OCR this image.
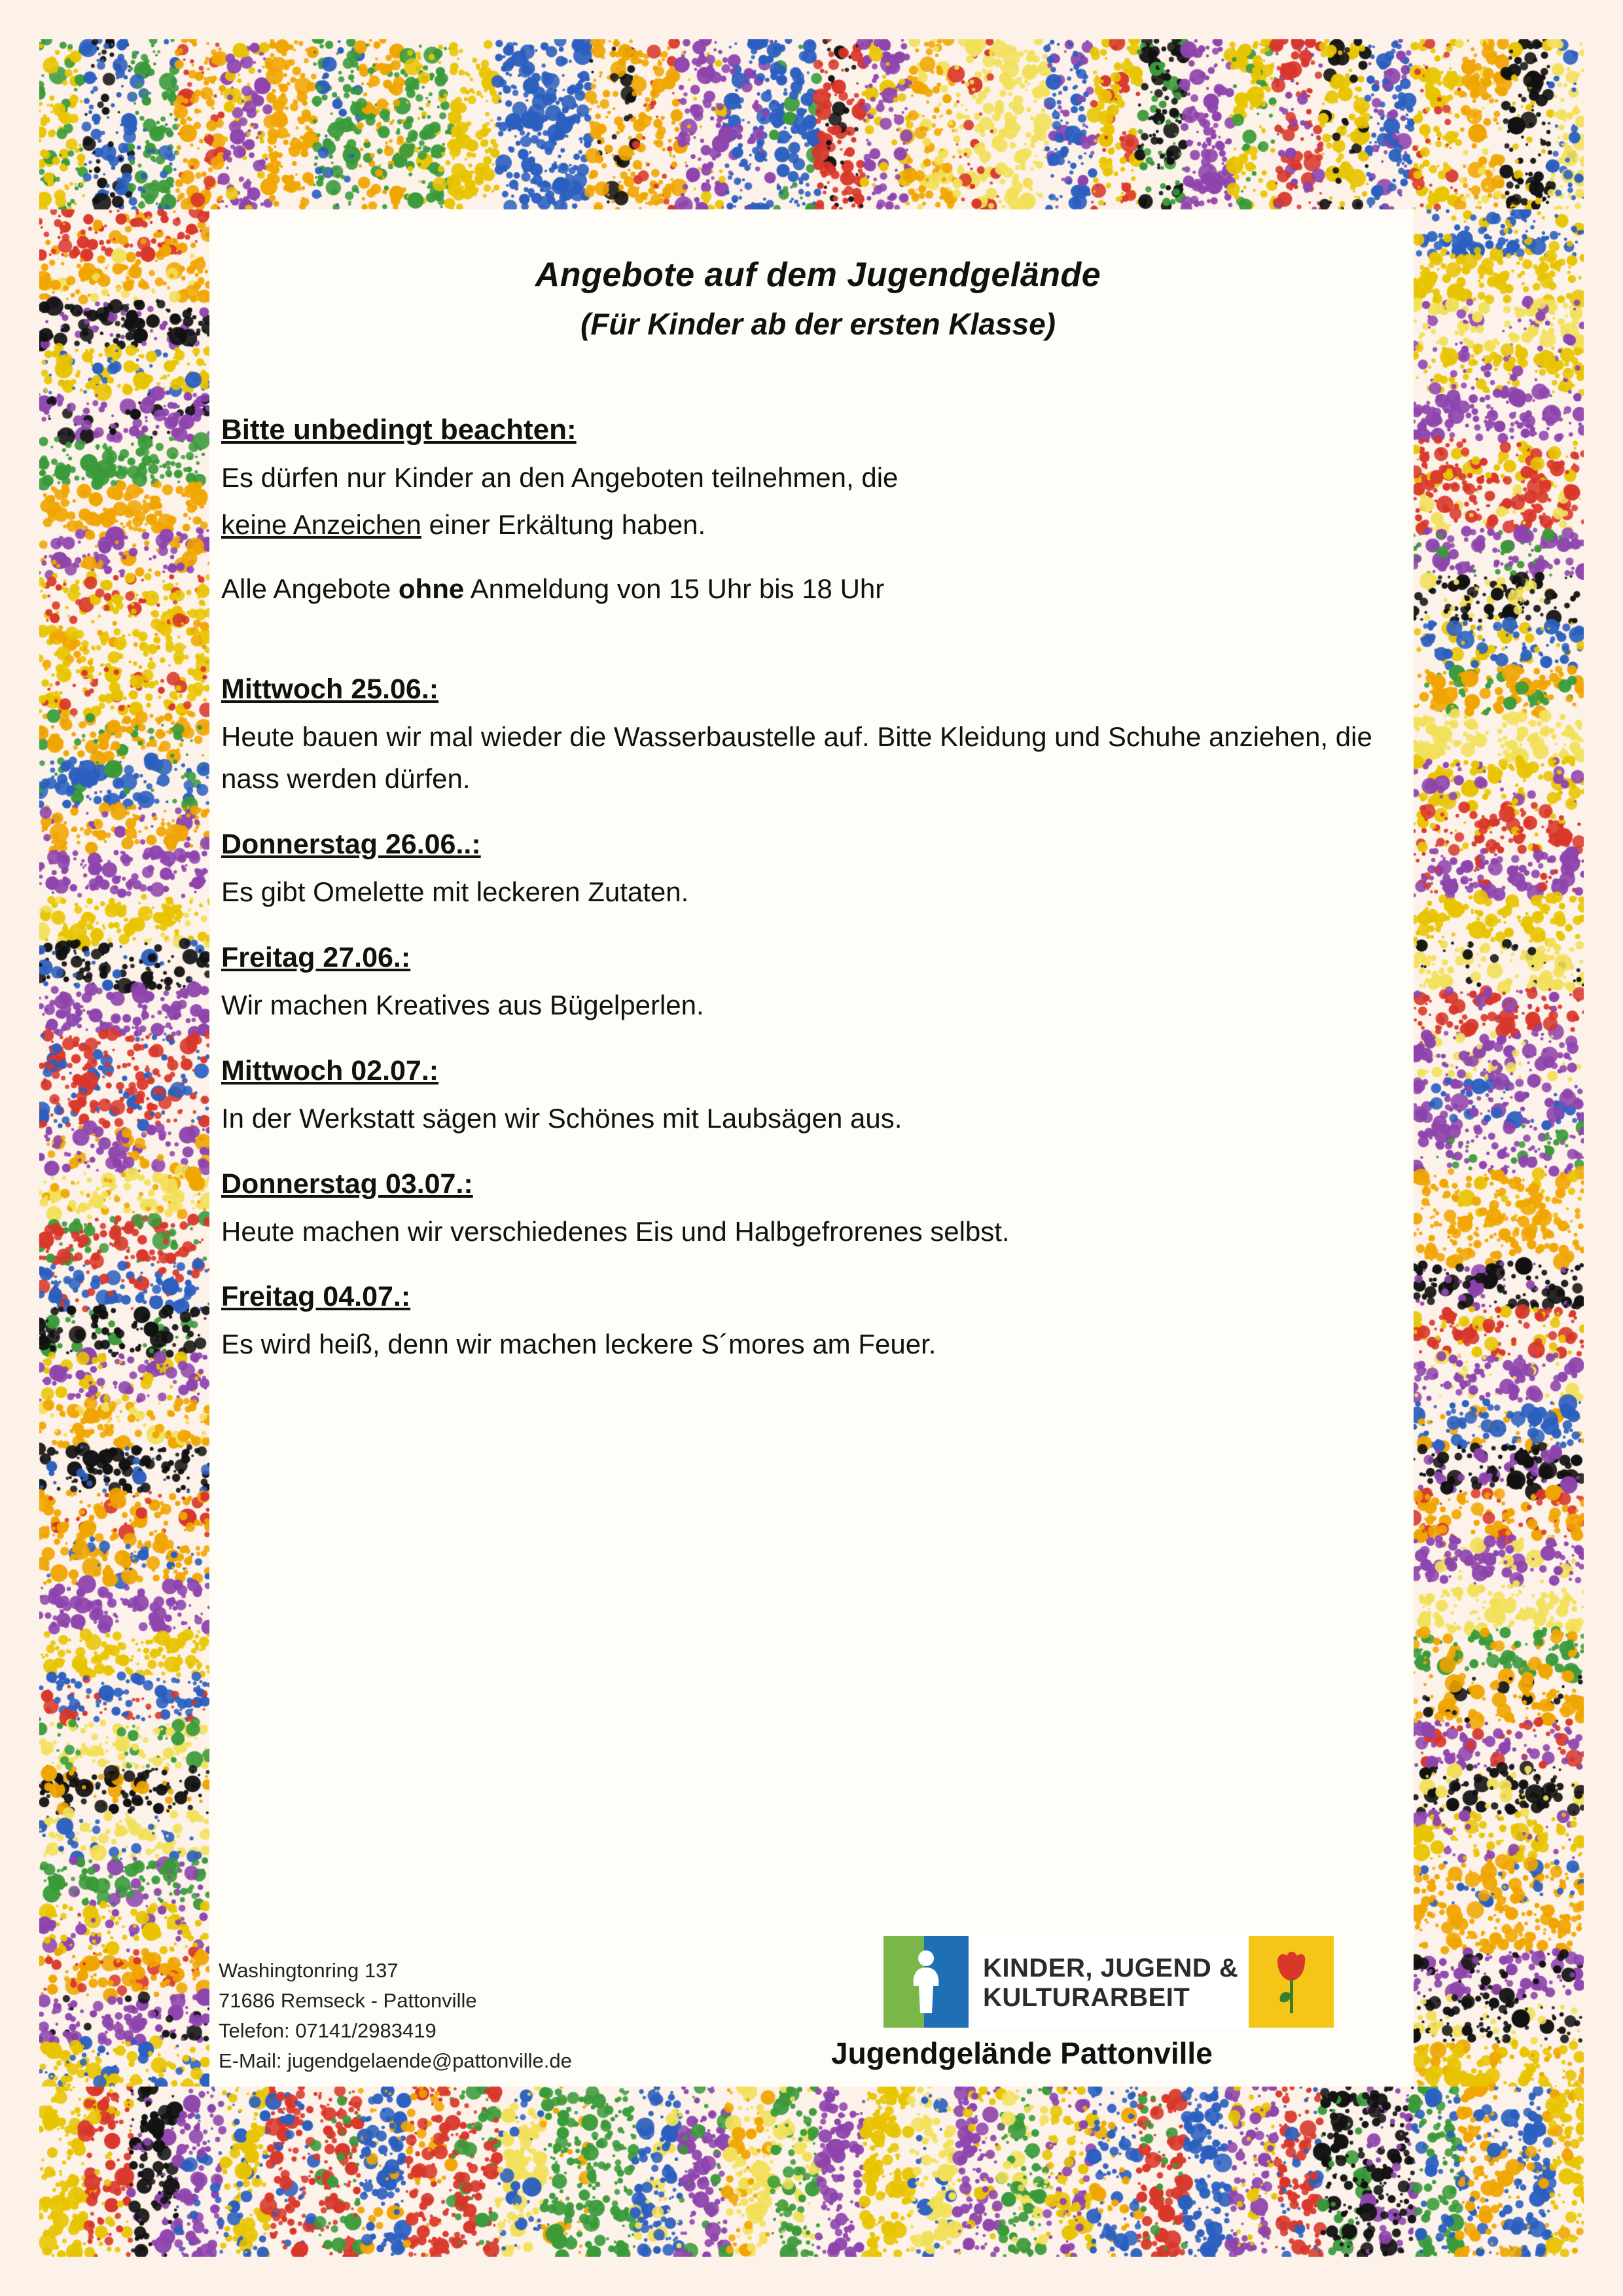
Angebote auf dem Jugendgelände
(Für Kinder ab der ersten Klasse)
Bitte unbedingt beachten:
Es dürfen nur Kinder an den Angeboten teilnehmen, die
keine Anzeichen einer Erkältung haben.
Alle Angebote ohne Anmeldung von 15 Uhr bis 18 Uhr
Mittwoch 25.06.:
Heute bauen wir mal wieder die Wasserbaustelle auf. Bitte Kleidung und Schuhe anziehen, die nass werden dürfen.
Donnerstag 26.06..:
Es gibt Omelette mit leckeren Zutaten.
Freitag 27.06.:
Wir machen Kreatives aus Bügelperlen.
Mittwoch 02.07.:
In der Werkstatt sägen wir Schönes mit Laubsägen aus.
Donnerstag 03.07.:
Heute machen wir verschiedenes Eis und Halbgefrorenes selbst.
Freitag 04.07.:
Es wird heiß, denn wir machen leckere S´mores am Feuer.
Washingtonring 137
71686 Remseck - Pattonville
Telefon: 07141/2983419
E-Mail: jugendgelaende@pattonville.de
KINDER, JUGEND &
KULTURARBEIT
Jugendgelände Pattonville
